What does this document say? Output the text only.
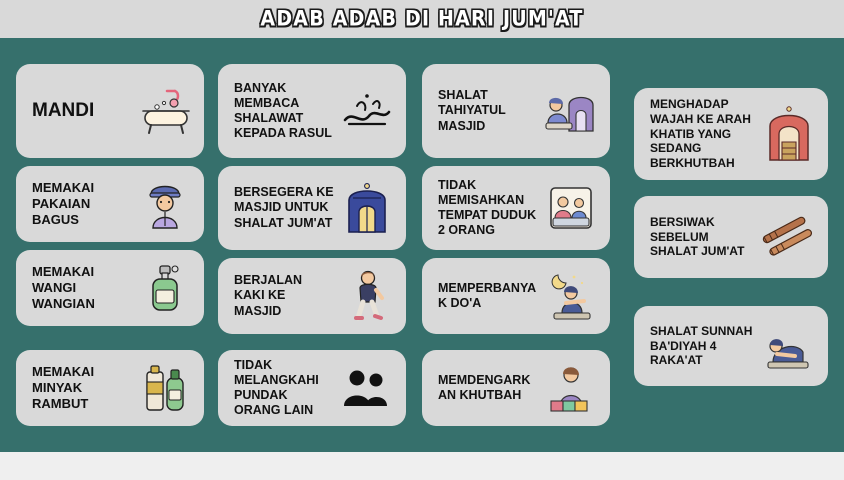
ADAB ADAB DI HARI JUM'AT
MANDI
MEMAKAI PAKAIAN BAGUS
MEMAKAI WANGI WANGIAN
MEMAKAI MINYAK RAMBUT
BANYAK MEMBACA SHALAWAT KEPADA RASUL
BERSEGERA KE MASJID UNTUK SHALAT JUM'AT
BERJALAN KAKI KE MASJID
TIDAK MELANGKAHI PUNDAK ORANG LAIN
SHALAT TAHIYATUL MASJID
TIDAK MEMISAHKAN TEMPAT DUDUK 2 ORANG
MEMPERBANYAK DO'A
MEMDENGARKAN KHUTBAH
MENGHADAP WAJAH KE ARAH KHATIB YANG SEDANG BERKHUTBAH
BERSIWAK SEBELUM SHALAT JUM'AT
SHALAT SUNNAH BA'DIYAH 4 RAKA'AT
